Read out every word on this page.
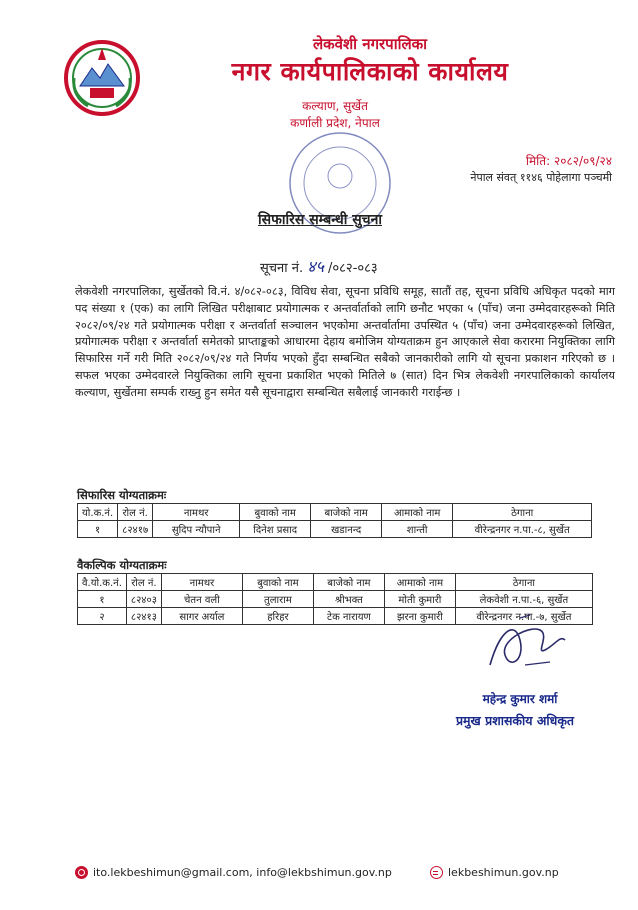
लेकवेशी नगरपालिका
नगर कार्यपालिकाको कार्यालय
कल्याण, सुर्खेत
कर्णाली प्रदेश, नेपाल
मिति: २०८२/०९/२४
नेपाल संवत् ११४६ पोहेलागा पञ्चमी
सिफारिस सम्बन्धी सुचना
सूचना नं. ४५ /०८२-०८३
लेकवेशी नगरपालिका, सुर्खेतको वि.नं. ४/०८२-०८३, विविध सेवा, सूचना प्रविधि समूह, सातौं तह, सूचना प्रविधि अधिकृत पदको माग पद संख्या १ (एक) का लागि लिखित परीक्षाबाट प्रयोगात्मक र अन्तर्वार्ताको लागि छनौट भएका ५ (पाँच) जना उम्मेदवारहरूको मिति २०८२/०९/२४ गते प्रयोगात्मक परीक्षा र अन्तर्वार्ता सञ्चालन भएकोमा अन्तर्वार्तामा उपस्थित ५ (पाँच) जना उम्मेदवारहरूको लिखित, प्रयोगात्मक परीक्षा र अन्तर्वार्ता समेतको प्राप्ताङ्कको आधारमा देहाय बमोजिम योग्यताक्रम हुन आएकाले सेवा करारमा नियुक्तिका लागि सिफारिस गर्ने गरी मिति २०८२/०९/२४ गते निर्णय भएको हुँदा सम्बन्धित सबैको जानकारीको लागि यो सूचना प्रकाशन गरिएको छ । सफल भएका उम्मेदवारले नियुक्तिका लागि सूचना प्रकाशित भएको मितिले ७ (सात) दिन भित्र लेकवेशी नगरपालिकाको कार्यालय कल्याण, सुर्खेतमा सम्पर्क राख्नु हुन समेत यसै सूचनाद्वारा सम्बन्धित सबैलाई जानकारी गराईन्छ ।
सिफारिस योग्यताक्रमः
यो.क.नं.	रोल नं.	नामथर	बुवाको नाम	बाजेको नाम	आमाको नाम	ठेगाना
१	८२४१७	सुदिप न्यौपाने	दिनेश प्रसाद	खडानन्द	शान्ती	वीरेन्द्रनगर न.पा.-८, सुर्खेत
वैकल्पिक योग्यताक्रमः
वै.यो.क.नं.	रोल नं.	नामथर	बुवाको नाम	बाजेको नाम	आमाको नाम	ठेगाना
१	८२४०३	चेतन वली	तुलाराम	श्रीभक्त	मोती कुमारी	लेकवेशी न.पा.-६, सुर्खेत
२	८२४१३	सागर अर्याल	हरिहर	टेक नारायण	झरना कुमारी	वीरेन्द्रनगर न.पा.-७, सुर्खेत
महेन्द्र कुमार शर्मा
प्रमुख प्रशासकीय अधिकृत
ito.lekbeshimun@gmail.com, info@lekbshimun.gov.np	lekbeshimun.gov.np
